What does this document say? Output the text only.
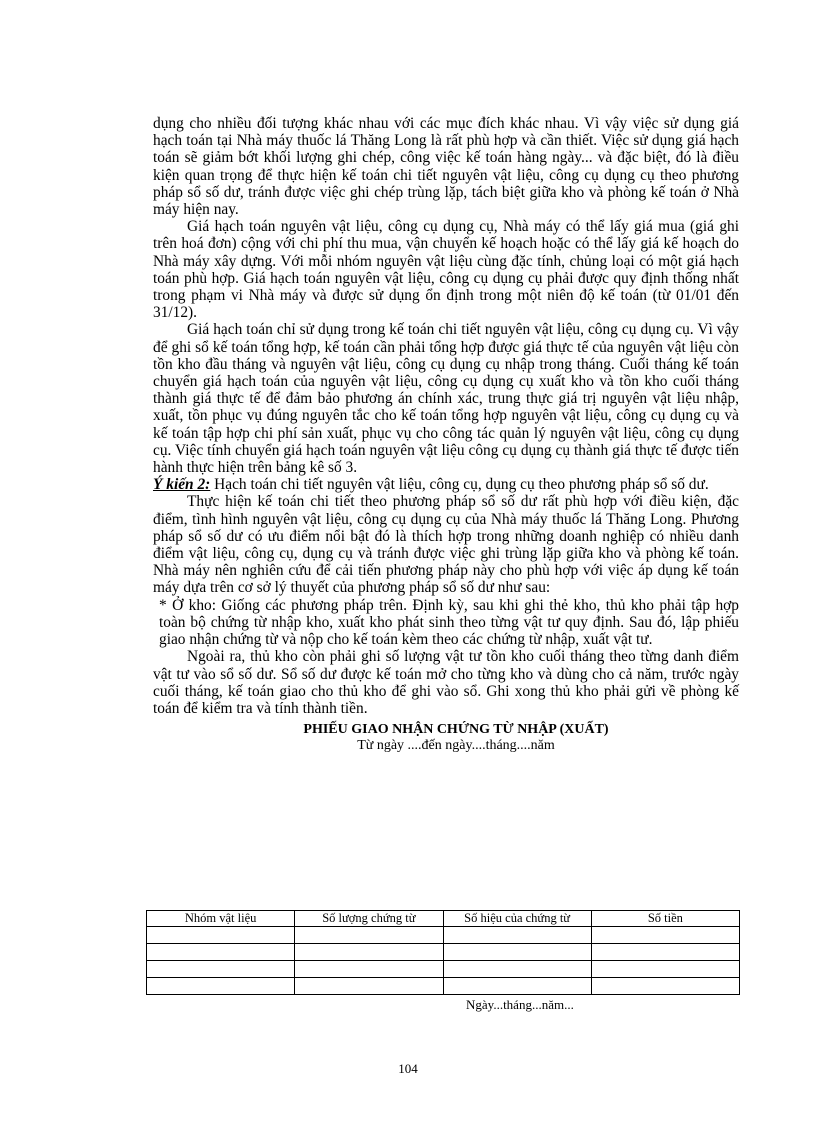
dụng cho nhiều đối tượng khác nhau với các mục đích khác nhau. Vì vậy việc sử dụng giá hạch toán tại Nhà máy thuốc lá Thăng Long là rất phù hợp và cần thiết. Việc sử dụng giá hạch toán sẽ giảm bớt khối lượng ghi chép, công việc kế toán hàng ngày... và đặc biệt, đó là điều kiện quan trọng để thực hiện kế toán chi tiết nguyên vật liệu, công cụ dụng cụ theo phương pháp sổ số dư, tránh được việc ghi chép trùng lặp, tách biệt giữa kho và phòng kế toán ở Nhà máy hiện nay.

Giá hạch toán nguyên vật liệu, công cụ dụng cụ, Nhà máy có thể lấy giá mua (giá ghi trên hoá đơn) cộng với chi phí thu mua, vận chuyển kế hoạch hoặc có thể lấy giá kế hoạch do Nhà máy xây dựng. Với mỗi nhóm nguyên vật liệu cùng đặc tính, chủng loại có một giá hạch toán phù hợp. Giá hạch toán nguyên vật liệu, công cụ dụng cụ phải được quy định thống nhất trong phạm vi Nhà máy và được sử dụng ổn định trong một niên độ kế toán (từ 01/01 đến 31/12).

Giá hạch toán chỉ sử dụng trong kế toán chi tiết nguyên vật liệu, công cụ dụng cụ. Vì vậy để ghi sổ kế toán tổng hợp, kế toán cần phải tổng hợp được giá thực tế của nguyên vật liệu còn tồn kho đầu tháng và nguyên vật liệu, công cụ dụng cụ nhập trong tháng. Cuối tháng kế toán chuyển giá hạch toán của nguyên vật liệu, công cụ dụng cụ xuất kho và tồn kho cuối tháng thành giá thực tế để đảm bảo phương án chính xác, trung thực giá trị nguyên vật liệu nhập, xuất, tồn phục vụ đúng nguyên tắc cho kế toán tổng hợp nguyên vật liệu, công cụ dụng cụ và kế toán tập hợp chi phí sản xuất, phục vụ cho công tác quản lý nguyên vật liệu, công cụ dụng cụ. Việc tính chuyển giá hạch toán nguyên vật liệu công cụ dụng cụ thành giá thực tế được tiến hành thực hiện trên bảng kê số 3.

Ý kiến 2: Hạch toán chi tiết nguyên vật liệu, công cụ, dụng cụ theo phương pháp sổ số dư.

Thực hiện kế toán chi tiết theo phương pháp sổ số dư rất phù hợp với điều kiện, đặc điểm, tình hình nguyên vật liệu, công cụ dụng cụ của Nhà máy thuốc lá Thăng Long. Phương pháp sổ số dư có ưu điểm nổi bật đó là thích hợp trong những doanh nghiệp có nhiều danh điểm vật liệu, công cụ, dụng cụ và tránh được việc ghi trùng lặp giữa kho và phòng kế toán. Nhà máy nên nghiên cứu để cải tiến phương pháp này cho phù hợp với việc áp dụng kế toán máy dựa trên cơ sở lý thuyết của phương pháp sổ số dư như sau:

* Ở kho: Giống các phương pháp trên. Định kỳ, sau khi ghi thẻ kho, thủ kho phải tập hợp toàn bộ chứng từ nhập kho, xuất kho phát sinh theo từng vật tư quy định. Sau đó, lập phiếu giao nhận chứng từ và nộp cho kế toán kèm theo các chứng từ nhập, xuất vật tư.

Ngoài ra, thủ kho còn phải ghi số lượng vật tư tồn kho cuối tháng theo từng danh điểm vật tư vào sổ số dư. Sổ số dư được kế toán mở cho từng kho và dùng cho cả năm, trước ngày cuối tháng, kế toán giao cho thủ kho để ghi vào sổ. Ghi xong thủ kho phải gửi về phòng kế toán để kiểm tra và tính thành tiền.

PHIẾU GIAO NHẬN CHỨNG TỪ NHẬP (XUẤT)

Từ ngày ....đến ngày....tháng....năm

Nhóm vật liệu	Số lượng chứng từ	Số hiệu của chứng từ	Số tiền

Ngày...tháng...năm...
104
